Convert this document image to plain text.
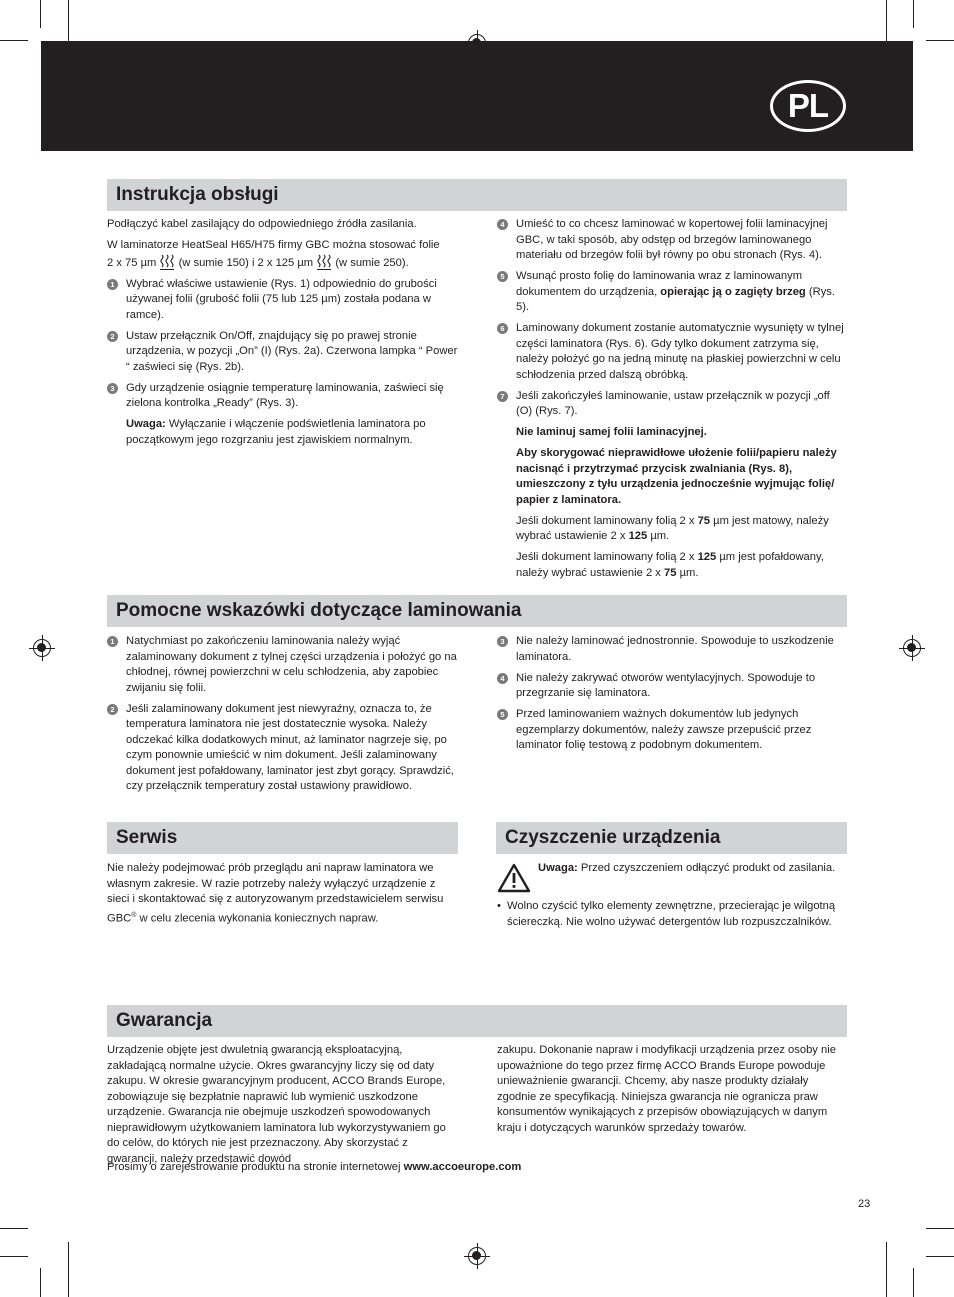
PL
Instrukcja obsługi

Podłączyć kabel zasilający do odpowiedniego źródła zasilania.

W laminatorze HeatSeal H65/H75 firmy GBC można stosować folie
2 x 75 µm (w sumie 150) i 2 x 125 µm (w sumie 250).

1	Wybrać właściwe ustawienie (Rys. 1) odpowiednio do grubości używanej folii (grubość folii (75 lub 125 µm) została podana w ramce).
2	Ustaw przełącznik On/Off, znajdujący się po prawej stronie urządzenia, w pozycji „On” (I) (Rys. 2a). Czerwona lampka “ Power “ zaświeci się (Rys. 2b).
3	Gdy urządzenie osiągnie temperaturę laminowania, zaświeci się zielona kontrolka „Ready” (Rys. 3).

Uwaga: Wyłączanie i włączenie podświetlenia laminatora po początkowym jego rozgrzaniu jest zjawiskiem normalnym.

4	Umieść to co chcesz laminować w kopertowej folii laminacyjnej GBC, w taki sposób, aby odstęp od brzegów laminowanego materiału od brzegów folii był równy po obu stronach (Rys. 4).
5	Wsunąć prosto folię do laminowania wraz z laminowanym dokumentem do urządzenia, opierając ją o zagięty brzeg (Rys. 5).
6	Laminowany dokument zostanie automatycznie wysunięty w tylnej części laminatora (Rys. 6). Gdy tylko dokument zatrzyma się, należy położyć go na jedną minutę na płaskiej powierzchni w celu schłodzenia przed dalszą obróbką.
7	Jeśli zakończyłeś laminowanie, ustaw przełącznik w pozycji „off (O) (Rys. 7).

Nie laminuj samej folii laminacyjnej.

Aby skorygować nieprawidłowe ułożenie folii/papieru należy nacisnąć i przytrzymać przycisk zwalniania (Rys. 8), umieszczony z tyłu urządzenia jednocześnie wyjmując folię/ papier z laminatora.

Jeśli dokument laminowany folią 2 x 75 µm jest matowy, należy wybrać ustawienie 2 x 125 µm.

Jeśli dokument laminowany folią 2 x 125 µm jest pofałdowany, należy wybrać ustawienie 2 x 75 µm.

Pomocne wskazówki dotyczące laminowania
1	Natychmiast po zakończeniu laminowania należy wyjąć zalaminowany dokument z tylnej części urządzenia i położyć go na chłodnej, równej powierzchni w celu schłodzenia, aby zapobiec zwijaniu się folii.
2	Jeśli zalaminowany dokument jest niewyraźny, oznacza to, że temperatura laminatora nie jest dostatecznie wysoka. Należy odczekać kilka dodatkowych minut, aż laminator nagrzeje się, po czym ponownie umieścić w nim dokument. Jeśli zalaminowany dokument jest pofałdowany, laminator jest zbyt gorący. Sprawdzić, czy przełącznik temperatury został ustawiony prawidłowo.
3	Nie należy laminować jednostronnie. Spowoduje to uszkodzenie laminatora.
4	Nie należy zakrywać otworów wentylacyjnych. Spowoduje to przegrzanie się laminatora.
5	Przed laminowaniem ważnych dokumentów lub jedynych egzemplarzy dokumentów, należy zawsze przepuścić przez laminator folię testową z podobnym dokumentem.
Serwis

Nie należy podejmować prób przeglądu ani napraw laminatora we własnym zakresie. W razie potrzeby należy wyłączyć urządzenie z sieci i skontaktować się z autoryzowanym przedstawicielem serwisu GBC® w celu zlecenia wykonania koniecznych napraw.

Czyszczenie urządzenia

Uwaga: Przed czyszczeniem odłączyć produkt od zasilania.

• Wolno czyścić tylko elementy zewnętrzne, przecierając je wilgotną ściereczką. Nie wolno używać detergentów lub rozpuszczalników.

Gwarancja

Urządzenie objęte jest dwuletnią gwarancją eksploatacyjną, zakładającą normalne użycie. Okres gwarancyjny liczy się od daty zakupu. W okresie gwarancyjnym producent, ACCO Brands Europe, zobowiązuje się bezpłatnie naprawić lub wymienić uszkodzone urządzenie. Gwarancja nie obejmuje uszkodzeń spowodowanych nieprawidłowym użytkowaniem laminatora lub wykorzystywaniem go do celów, do których nie jest przeznaczony. Aby skorzystać z gwarancji, należy przedstawić dowód

zakupu. Dokonanie napraw i modyfikacji urządzenia przez osoby nie upoważnione do tego przez firmę ACCO Brands Europe powoduje unieważnienie gwarancji. Chcemy, aby nasze produkty działały zgodnie ze specyfikacją. Niniejsza gwarancja nie ogranicza praw konsumentów wynikających z przepisów obowiązujących w danym kraju i dotyczących warunków sprzedaży towarów.

Prosimy o zarejestrowanie produktu na stronie internetowej www.accoeurope.com
23
